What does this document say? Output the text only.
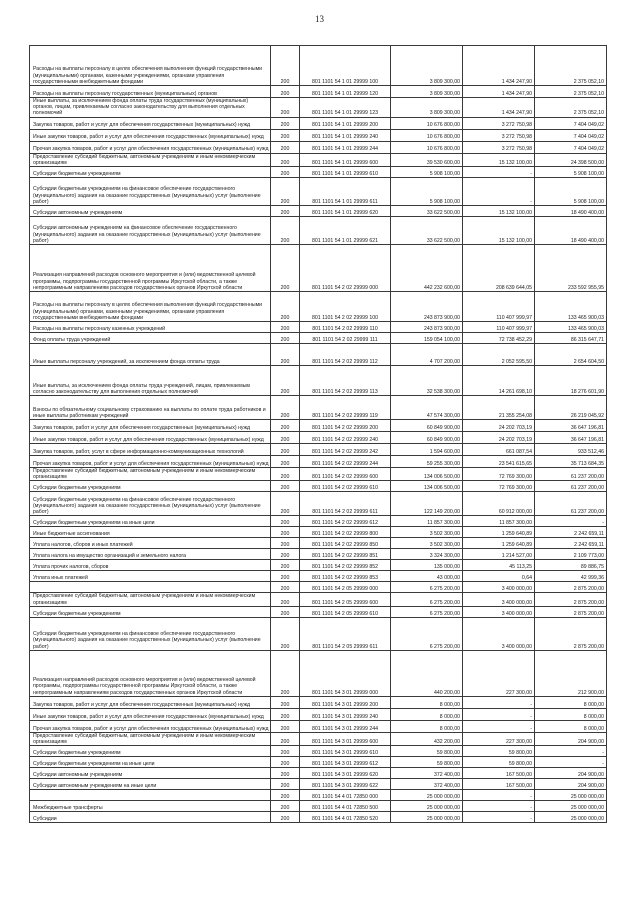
13
Расходы на выплаты персоналу в целях обеспечения выполнения функций государственными (муниципальными) органами, казенными учреждениями, органами управления государственными внебюджетными фондами	200	801 1101 54 1 01 29999 100	3 809 300,00	1 434 247,90	2 375 052,10
Расходы на выплаты персоналу государственных (муниципальных) органов	200	801 1101 54 1 01 29999 120	3 809 300,00	1 434 247,90	2 375 052,10
Иные выплаты, за исключением фонда оплаты труда государственных (муниципальных) органов, лицам, привлекаемым согласно законодательству для выполнения отдельных полномочий	200	801 1101 54 1 01 29999 123	3 809 300,00	1 434 247,90	2 375 052,10
Закупка товаров, работ и услуг для обеспечения государственных (муниципальных) нужд	200	801 1101 54 1 01 29999 200	10 676 800,00	3 272 750,98	7 404 049,02
Иные закупки товаров, работ и услуг для обеспечения государственных (муниципальных) нужд	200	801 1101 54 1 01 29999 240	10 676 800,00	3 272 750,98	7 404 049,02
Прочая закупка товаров, работ и услуг для обеспечения государственных (муниципальных) нужд	200	801 1101 54 1 01 29999 244	10 676 800,00	3 272 750,98	7 404 049,02
Предоставление субсидий бюджетным, автономным учреждениям и иным некоммерческим организациям	200	801 1101 54 1 01 29999 600	39 530 600,00	15 132 100,00	24 398 500,00
Субсидии бюджетным учреждениям	200	801 1101 54 1 01 29999 610	5 908 100,00	-	5 908 100,00
Субсидии бюджетным учреждениям на финансовое обеспечение государственного (муниципального) задания на оказание государственных (муниципальных) услуг (выполнение работ)	200	801 1101 54 1 01 29999 611	5 908 100,00	-	5 908 100,00
Субсидии автономным учреждениям	200	801 1101 54 1 01 29999 620	33 622 500,00	15 132 100,00	18 490 400,00
Субсидии автономным учреждениям на финансовое обеспечение государственного (муниципального) задания на оказание государственных (муниципальных) услуг (выполнение работ)	200	801 1101 54 1 01 29999 621	33 622 500,00	15 132 100,00	18 490 400,00
Реализация направлений расходов основного мероприятия и (или) ведомственной целевой программы, подпрограммы государственной программы Иркутской области, а также непрограммным направлениям расходов государственных органов Иркутской области	200	801 1101 54 2 02 29999 000	442 232 600,00	208 639 644,05	233 592 955,95
Расходы на выплаты персоналу в целях обеспечения выполнения функций государственными (муниципальными) органами, казенными учреждениями, органами управления государственными внебюджетными фондами	200	801 1101 54 2 02 29999 100	243 873 900,00	110 407 999,97	133 465 900,03
Расходы на выплаты персоналу казенных учреждений	200	801 1101 54 2 02 29999 110	243 873 900,00	110 407 999,97	133 465 900,03
Фонд оплаты труда учреждений	200	801 1101 54 2 02 29999 111	159 054 100,00	72 738 452,29	86 315 647,71
Иные выплаты персоналу учреждений, за исключением фонда оплаты труда	200	801 1101 54 2 02 29999 112	4 707 200,00	2 052 595,50	2 654 604,50
Иные выплаты, за исключением фонда оплаты труда учреждений, лицам, привлекаемым согласно законодательству для выполнения отдельных полномочий	200	801 1101 54 2 02 29999 113	32 538 300,00	14 261 698,10	18 276 601,90
Взносы по обязательному социальному страхованию на выплаты по оплате труда работников и иные выплаты работникам учреждений	200	801 1101 54 2 02 29999 119	47 574 300,00	21 355 254,08	26 219 045,92
Закупка товаров, работ и услуг для обеспечения государственных (муниципальных) нужд	200	801 1101 54 2 02 29999 200	60 849 900,00	24 202 703,19	36 647 196,81
Иные закупки товаров, работ и услуг для обеспечения государственных (муниципальных) нужд	200	801 1101 54 2 02 29999 240	60 849 900,00	24 202 703,19	36 647 196,81
Закупка товаров, работ, услуг в сфере информационно-коммуникационных технологий	200	801 1101 54 2 02 29999 242	1 594 600,00	661 087,54	933 512,46
Прочая закупка товаров, работ и услуг для обеспечения государственных (муниципальных) нужд	200	801 1101 54 2 02 29999 244	59 255 300,00	23 541 615,65	35 713 684,35
Предоставление субсидий бюджетным, автономным учреждениям и иным некоммерческим организациям	200	801 1101 54 2 02 29999 600	134 006 500,00	72 769 300,00	61 237 200,00
Субсидии бюджетным учреждениям	200	801 1101 54 2 02 29999 610	134 006 500,00	72 769 300,00	61 237 200,00
Субсидии бюджетным учреждениям на финансовое обеспечение государственного (муниципального) задания на оказание государственных (муниципальных) услуг (выполнение работ)	200	801 1101 54 2 02 29999 611	122 149 200,00	60 912 000,00	61 237 200,00
Субсидии бюджетным учреждениям на иные цели	200	801 1101 54 2 02 29999 612	11 857 300,00	11 857 300,00	-
Иные бюджетные ассигнования	200	801 1101 54 2 02 29999 800	3 502 300,00	1 259 640,89	2 242 659,11
Уплата налогов, сборов и иных платежей	200	801 1101 54 2 02 29999 850	3 502 300,00	1 259 640,89	2 242 659,11
Уплата налога на имущество организаций и земельного налога	200	801 1101 54 2 02 29999 851	3 324 300,00	1 214 527,00	2 109 773,00
Уплата прочих налогов, сборов	200	801 1101 54 2 02 29999 852	135 000,00	45 113,25	89 886,75
Уплата иных платежей	200	801 1101 54 2 02 29999 853	43 000,00	0,64	42 999,36
	200	801 1101 54 2 05 29999 000	6 275 200,00	3 400 000,00	2 875 200,00
Предоставление субсидий бюджетным, автономным учреждениям и иным некоммерческим организациям	200	801 1101 54 2 05 29999 600	6 275 200,00	3 400 000,00	2 875 200,00
Субсидии бюджетным учреждениям	200	801 1101 54 2 05 29999 610	6 275 200,00	3 400 000,00	2 875 200,00
Субсидии бюджетным учреждениям на финансовое обеспечение государственного (муниципального) задания на оказание государственных (муниципальных) услуг (выполнение работ)	200	801 1101 54 2 05 29999 611	6 275 200,00	3 400 000,00	2 875 200,00
Реализация направлений расходов основного мероприятия и (или) ведомственной целевой программы, подпрограммы государственной программы Иркутской области, а также непрограммным направлениям расходов государственных органов Иркутской области	200	801 1101 54 3 01 29999 000	440 200,00	227 300,00	212 900,00
Закупка товаров, работ и услуг для обеспечения государственных (муниципальных) нужд	200	801 1101 54 3 01 29999 200	8 000,00	-	8 000,00
Иные закупки товаров, работ и услуг для обеспечения государственных (муниципальных) нужд	200	801 1101 54 3 01 29999 240	8 000,00	-	8 000,00
Прочая закупка товаров, работ и услуг для обеспечения государственных (муниципальных) нужд	200	801 1101 54 3 01 29999 244	8 000,00	-	8 000,00
Предоставление субсидий бюджетным, автономным учреждениям и иным некоммерческим организациям	200	801 1101 54 3 01 29999 600	432 200,00	227 300,00	204 900,00
Субсидии бюджетным учреждениям	200	801 1101 54 3 01 29999 610	59 800,00	59 800,00	-
Субсидии бюджетным учреждениям на иные цели	200	801 1101 54 3 01 29999 612	59 800,00	59 800,00	-
Субсидии автономным учреждениям	200	801 1101 54 3 01 29999 620	372 400,00	167 500,00	204 900,00
Субсидии автономным учреждениям на иные цели	200	801 1101 54 3 01 29999 622	372 400,00	167 500,00	204 900,00
	200	801 1101 54 4 01 72850 000	25 000 000,00	-	25 000 000,00
Межбюджетные трансферты	200	801 1101 54 4 01 72850 500	25 000 000,00	-	25 000 000,00
Субсидии	200	801 1101 54 4 01 72850 520	25 000 000,00	-	25 000 000,00
